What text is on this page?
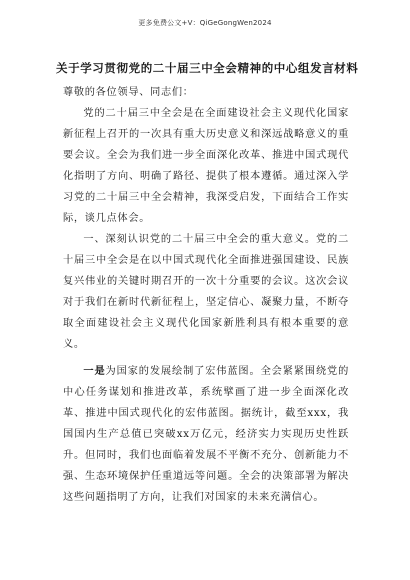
更多免费公文+V：QiGeGongWen2024
关于学习贯彻党的二十届三中全会精神的中心组发言材料

尊敬的各位领导、同志们：

党的二十届三中全会是在全面建设社会主义现代化国家新征程上召开的一次具有重大历史意义和深远战略意义的重要会议。全会为我们进一步全面深化改革、推进中国式现代化指明了方向、明确了路径、提供了根本遵循。通过深入学习党的二十届三中全会精神，我深受启发，下面结合工作实际，谈几点体会。

一、深刻认识党的二十届三中全会的重大意义。党的二十届三中全会是在以中国式现代化全面推进强国建设、民族复兴伟业的关键时期召开的一次十分重要的会议。这次会议对于我们在新时代新征程上，坚定信心、凝聚力量，不断夺取全面建设社会主义现代化国家新胜利具有根本重要的意义。

一是为国家的发展绘制了宏伟蓝图。全会紧紧围绕党的中心任务谋划和推进改革，系统擘画了进一步全面深化改革、推进中国式现代化的宏伟蓝图。据统计，截至xxx，我国国内生产总值已突破xx万亿元，经济实力实现历史性跃升。但同时，我们也面临着发展不平衡不充分、创新能力不强、生态环境保护任重道远等问题。全会的决策部署为解决这些问题指明了方向，让我们对国家的未来充满信心。
